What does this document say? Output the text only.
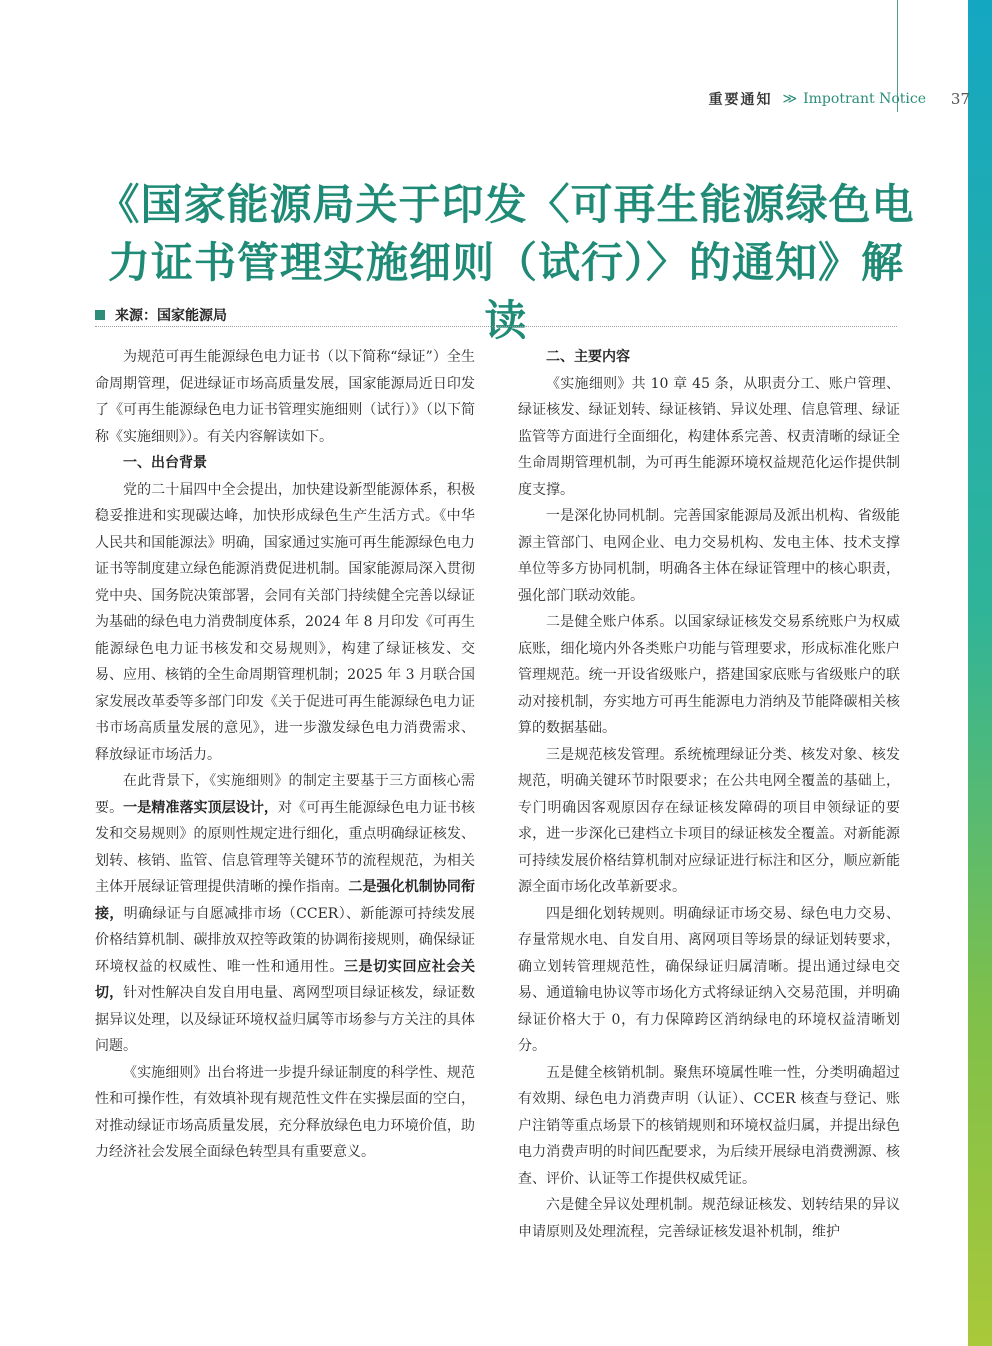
重要通知 ≫ Impotrant Notice 37
《国家能源局关于印发〈可再生能源绿色电力证书管理实施细则（试行）〉的通知》解读
来源：国家能源局

为规范可再生能源绿色电力证书（以下简称“绿证”）全生命周期管理，促进绿证市场高质量发展，国家能源局近日印发了《可再生能源绿色电力证书管理实施细则（试行）》（以下简称《实施细则》）。有关内容解读如下。

一、出台背景

党的二十届四中全会提出，加快建设新型能源体系，积极稳妥推进和实现碳达峰，加快形成绿色生产生活方式。《中华人民共和国能源法》明确，国家通过实施可再生能源绿色电力证书等制度建立绿色能源消费促进机制。国家能源局深入贯彻党中央、国务院决策部署，会同有关部门持续健全完善以绿证为基础的绿色电力消费制度体系，2024 年 8 月印发《可再生能源绿色电力证书核发和交易规则》，构建了绿证核发、交易、应用、核销的全生命周期管理机制；2025 年 3 月联合国家发展改革委等多部门印发《关于促进可再生能源绿色电力证书市场高质量发展的意见》，进一步激发绿色电力消费需求、释放绿证市场活力。

在此背景下，《实施细则》的制定主要基于三方面核心需要。一是精准落实顶层设计，对《可再生能源绿色电力证书核发和交易规则》的原则性规定进行细化，重点明确绿证核发、划转、核销、监管、信息管理等关键环节的流程规范，为相关主体开展绿证管理提供清晰的操作指南。二是强化机制协同衔接，明确绿证与自愿减排市场（CCER）、新能源可持续发展价格结算机制、碳排放双控等政策的协调衔接规则，确保绿证环境权益的权威性、唯一性和通用性。三是切实回应社会关切，针对性解决自发自用电量、离网型项目绿证核发，绿证数据异议处理，以及绿证环境权益归属等市场参与方关注的具体问题。

《实施细则》出台将进一步提升绿证制度的科学性、规范性和可操作性，有效填补现有规范性文件在实操层面的空白，对推动绿证市场高质量发展，充分释放绿色电力环境价值，助力经济社会发展全面绿色转型具有重要意义。

二、主要内容

《实施细则》共 10 章 45 条，从职责分工、账户管理、绿证核发、绿证划转、绿证核销、异议处理、信息管理、绿证监管等方面进行全面细化，构建体系完善、权责清晰的绿证全生命周期管理机制，为可再生能源环境权益规范化运作提供制度支撑。

一是深化协同机制。完善国家能源局及派出机构、省级能源主管部门、电网企业、电力交易机构、发电主体、技术支撑单位等多方协同机制，明确各主体在绿证管理中的核心职责，强化部门联动效能。

二是健全账户体系。以国家绿证核发交易系统账户为权威底账，细化境内外各类账户功能与管理要求，形成标准化账户管理规范。统一开设省级账户，搭建国家底账与省级账户的联动对接机制，夯实地方可再生能源电力消纳及节能降碳相关核算的数据基础。

三是规范核发管理。系统梳理绿证分类、核发对象、核发规范，明确关键环节时限要求；在公共电网全覆盖的基础上，专门明确因客观原因存在绿证核发障碍的项目申领绿证的要求，进一步深化已建档立卡项目的绿证核发全覆盖。对新能源可持续发展价格结算机制对应绿证进行标注和区分，顺应新能源全面市场化改革新要求。

四是细化划转规则。明确绿证市场交易、绿色电力交易、存量常规水电、自发自用、离网项目等场景的绿证划转要求，确立划转管理规范性，确保绿证归属清晰。提出通过绿电交易、通道输电协议等市场化方式将绿证纳入交易范围，并明确绿证价格大于 0，有力保障跨区消纳绿电的环境权益清晰划分。

五是健全核销机制。聚焦环境属性唯一性，分类明确超过有效期、绿色电力消费声明（认证）、CCER 核查与登记、账户注销等重点场景下的核销规则和环境权益归属，并提出绿色电力消费声明的时间匹配要求，为后续开展绿电消费溯源、核查、评价、认证等工作提供权威凭证。

六是健全异议处理机制。规范绿证核发、划转结果的异议申请原则及处理流程，完善绿证核发退补机制，维护
